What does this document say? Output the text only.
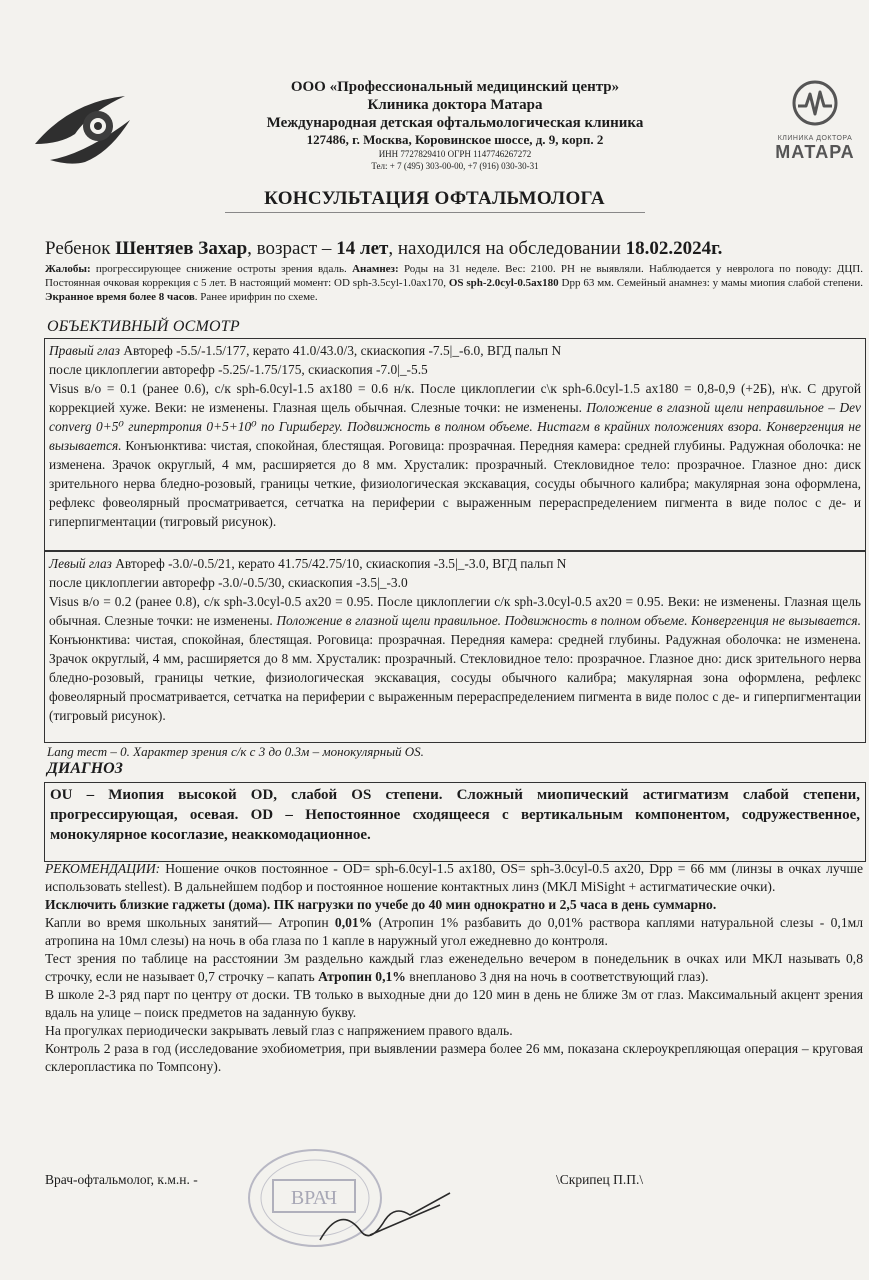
ООО «Профессиональный медицинский центр»
Клиника доктора Матара
Международная детская офтальмологическая клиника
127486, г. Москва, Коровинское шоссе, д. 9, корп. 2
ИНН 7727829410 ОГРН 1147746267272
Тел: + 7 (495) 303-00-00, +7 (916) 030-30-31
КЛИНИКА ДОКТОРА
МАТАРА
КОНСУЛЬТАЦИЯ ОФТАЛЬМОЛОГА
Ребенок Шентяев Захар, возраст – 14 лет, находился на обследовании 18.02.2024г.
Жалобы: прогрессирующее снижение остроты зрения вдаль. Анамнез: Роды на 31 неделе. Вес: 2100. РН не выявляли. Наблюдается у невролога по поводу: ДЦП. Постоянная очковая коррекция с 5 лет. В настоящий момент: OD sph-3.5cyl-1.0ax170, OS sph-2.0cyl-0.5ax180 Dpp 63 мм. Семейный анамнез: у мамы миопия слабой степени. Экранное время более 8 часов. Ранее ирифрин по схеме.
ОБЪЕКТИВНЫЙ ОСМОТР

Правый глаз Автореф -5.5/-1.5/177, керато 41.0/43.0/3, скиаскопия -7.5|_-6.0, ВГД пальп N

после циклоплегии авторефр -5.25/-1.75/175, скиаскопия -7.0|_-5.5

Visus в/о = 0.1 (ранее 0.6), с/к sph-6.0cyl-1.5 ax180 = 0.6 н/к. После циклоплегии с\к sph-6.0cyl-1.5 ax180 = 0,8-0,9 (+2Б), н\к. С другой коррекцией хуже. Веки: не изменены. Глазная щель обычная. Слезные точки: не изменены. Положение в глазной щели неправильное – Dev converg 0+5⁰ гипертропия 0+5+10⁰ по Гиршбергу. Подвижность в полном объеме. Нистагм в крайних положениях взора. Конвергенция не вызывается. Конъюнктива: чистая, спокойная, блестящая. Роговица: прозрачная. Передняя камера: средней глубины. Радужная оболочка: не изменена. Зрачок округлый, 4 мм, расширяется до 8 мм. Хрусталик: прозрачный. Стекловидное тело: прозрачное. Глазное дно: диск зрительного нерва бледно-розовый, границы четкие, физиологическая экскавация, сосуды обычного калибра; макулярная зона оформлена, рефлекс фовеолярный просматривается, сетчатка на периферии с выраженным перераспределением пигмента в виде полос с де- и гиперпигментации (тигровый рисунок).

Левый глаз Автореф -3.0/-0.5/21, керато 41.75/42.75/10, скиаскопия -3.5|_-3.0, ВГД пальп N

после циклоплегии авторефр -3.0/-0.5/30, скиаскопия -3.5|_-3.0

Visus в/о = 0.2 (ранее 0.8), с/к sph-3.0cyl-0.5 ax20 = 0.95. После циклоплегии с/к sph-3.0cyl-0.5 ax20 = 0.95. Веки: не изменены. Глазная щель обычная. Слезные точки: не изменены. Положение в глазной щели правильное. Подвижность в полном объеме. Конвергенция не вызывается. Конъюнктива: чистая, спокойная, блестящая. Роговица: прозрачная. Передняя камера: средней глубины. Радужная оболочка: не изменена. Зрачок округлый, 4 мм, расширяется до 8 мм. Хрусталик: прозрачный. Стекловидное тело: прозрачное. Глазное дно: диск зрительного нерва бледно-розовый, границы четкие, физиологическая экскавация, сосуды обычного калибра; макулярная зона оформлена, рефлекс фовеолярный просматривается, сетчатка на периферии с выраженным перераспределением пигмента в виде полос с де- и гиперпигментации (тигровый рисунок).

Lang тест – 0. Характер зрения с/к с 3 до 0.3м – монокулярный OS.
ДИАГНОЗ
OU – Миопия высокой OD, слабой OS степени. Сложный миопический астигматизм слабой степени, прогрессирующая, осевая. OD – Непостоянное сходящееся с вертикальным компонентом, содружественное, монокулярное косоглазие, неаккомодационное.

РЕКОМЕНДАЦИИ: Ношение очков постоянное - OD= sph-6.0cyl-1.5 ax180, OS= sph-3.0cyl-0.5 ax20, Dpp = 66 мм (линзы в очках лучше использовать stellest). В дальнейшем подбор и постоянное ношение контактных линз (МКЛ MiSight + астигматические очки).

Исключить близкие гаджеты (дома). ПК нагрузки по учебе до 40 мин однократно и 2,5 часа в день суммарно.

Капли во время школьных занятий— Атропин 0,01% (Атропин 1% разбавить до 0,01% раствора каплями натуральной слезы - 0,1мл атропина на 10мл слезы) на ночь в оба глаза по 1 капле в наружный угол ежедневно до контроля.

Тест зрения по таблице на расстоянии 3м раздельно каждый глаз еженедельно вечером в понедельник в очках или МКЛ называть 0,8 строчку, если не называет 0,7 строчку – капать Атропин 0,1% внепланово 3 дня на ночь в соответствующий глаз).

В школе 2-3 ряд парт по центру от доски. ТВ только в выходные дни до 120 мин в день не ближе 3м от глаз. Максимальный акцент зрения вдаль на улице – поиск предметов на заданную букву.

На прогулках периодически закрывать левый глаз с напряжением правого вдаль.

Контроль 2 раза в год (исследование эхобиометрия, при выявлении размера более 26 мм, показана склероукрепляющая операция – круговая склеропластика по Томпсону).

ВРАЧ
Врач-офтальмолог, к.м.н. -	\Скрипец П.П.\
